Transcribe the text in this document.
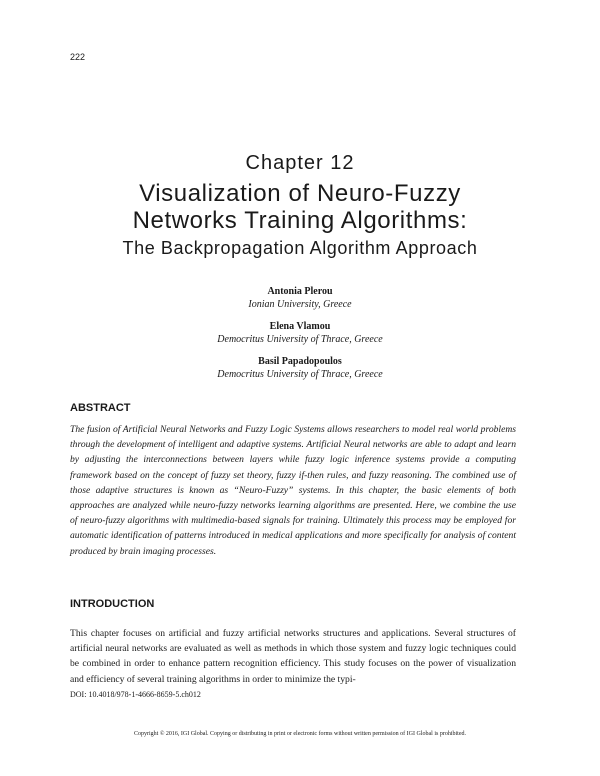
222
Chapter 12
Visualization of Neuro-Fuzzy
Networks Training Algorithms:
The Backpropagation Algorithm Approach
Antonia Plerou
Ionian University, Greece
Elena Vlamou
Democritus University of Thrace, Greece
Basil Papadopoulos
Democritus University of Thrace, Greece
ABSTRACT

The fusion of Artificial Neural Networks and Fuzzy Logic Systems allows researchers to model real world problems through the development of intelligent and adaptive systems. Artificial Neural networks are able to adapt and learn by adjusting the interconnections between layers while fuzzy logic inference systems provide a computing framework based on the concept of fuzzy set theory, fuzzy if-then rules, and fuzzy reasoning. The combined use of those adaptive structures is known as “Neuro-Fuzzy” systems. In this chapter, the basic elements of both approaches are analyzed while neuro-fuzzy networks learning algorithms are presented. Here, we combine the use of neuro-fuzzy algorithms with multimedia-based signals for training. Ultimately this process may be employed for automatic identification of patterns introduced in medical applications and more specifically for analysis of content produced by brain imaging processes.

INTRODUCTION

This chapter focuses on artificial and fuzzy artificial networks structures and applications. Several structures of artificial neural networks are evaluated as well as methods in which those system and fuzzy logic techniques could be combined in order to enhance pattern recognition efficiency. This study focuses on the power of visualization and efficiency of several training algorithms in order to minimize the typi-

DOI: 10.4018/978-1-4666-8659-5.ch012
Copyright © 2016, IGI Global. Copying or distributing in print or electronic forms without written permission of IGI Global is prohibited.
